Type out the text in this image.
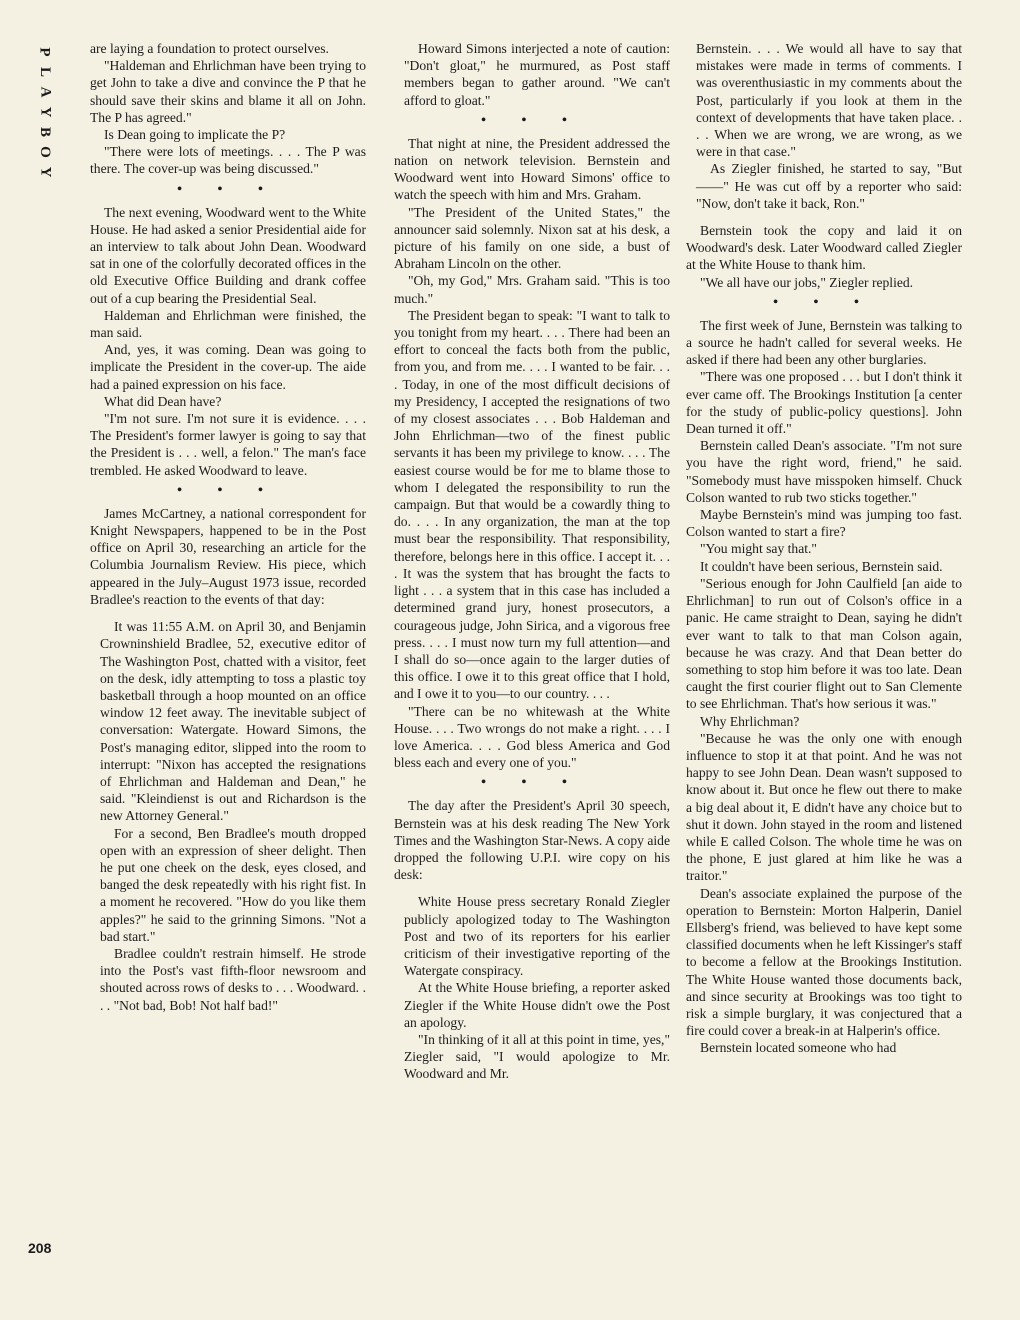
P
L
A
Y
B
O
Y
208

are laying a foundation to protect ourselves.

"Haldeman and Ehrlichman have been trying to get John to take a dive and convince the P that he should save their skins and blame it all on John. The P has agreed."

Is Dean going to implicate the P?

"There were lots of meetings. . . . The P was there. The cover-up was being discussed."

• • •

The next evening, Woodward went to the White House. He had asked a senior Presidential aide for an interview to talk about John Dean. Woodward sat in one of the colorfully decorated offices in the old Executive Office Building and drank coffee out of a cup bearing the Presidential Seal.

Haldeman and Ehrlichman were finished, the man said.

And, yes, it was coming. Dean was going to implicate the President in the cover-up. The aide had a pained expression on his face.

What did Dean have?

"I'm not sure. I'm not sure it is evidence. . . . The President's former lawyer is going to say that the President is . . . well, a felon." The man's face trembled. He asked Woodward to leave.

• • •

James McCartney, a national correspondent for Knight Newspapers, happened to be in the Post office on April 30, researching an article for the Columbia Journalism Review. His piece, which appeared in the July–August 1973 issue, recorded Bradlee's reaction to the events of that day:

It was 11:55 A.M. on April 30, and Benjamin Crowninshield Bradlee, 52, executive editor of The Washington Post, chatted with a visitor, feet on the desk, idly attempting to toss a plastic toy basketball through a hoop mounted on an office window 12 feet away. The inevitable subject of conversation: Watergate. Howard Simons, the Post's managing editor, slipped into the room to interrupt: "Nixon has accepted the resignations of Ehrlichman and Haldeman and Dean," he said. "Kleindienst is out and Richardson is the new Attorney General."

For a second, Ben Bradlee's mouth dropped open with an expression of sheer delight. Then he put one cheek on the desk, eyes closed, and banged the desk repeatedly with his right fist. In a moment he recovered. "How do you like them apples?" he said to the grinning Simons. "Not a bad start."

Bradlee couldn't restrain himself. He strode into the Post's vast fifth-floor newsroom and shouted across rows of desks to . . . Woodward. . . . "Not bad, Bob! Not half bad!"

Howard Simons interjected a note of caution: "Don't gloat," he murmured, as Post staff members began to gather around. "We can't afford to gloat."

• • •

That night at nine, the President addressed the nation on network television. Bernstein and Woodward went into Howard Simons' office to watch the speech with him and Mrs. Graham.

"The President of the United States," the announcer said solemnly. Nixon sat at his desk, a picture of his family on one side, a bust of Abraham Lincoln on the other.

"Oh, my God," Mrs. Graham said. "This is too much."

The President began to speak: "I want to talk to you tonight from my heart. . . . There had been an effort to conceal the facts both from the public, from you, and from me. . . . I wanted to be fair. . . . Today, in one of the most difficult decisions of my Presidency, I accepted the resignations of two of my closest associates . . . Bob Haldeman and John Ehrlichman—two of the finest public servants it has been my privilege to know. . . . The easiest course would be for me to blame those to whom I delegated the responsibility to run the campaign. But that would be a cowardly thing to do. . . . In any organization, the man at the top must bear the responsibility. That responsibility, therefore, belongs here in this office. I accept it. . . . It was the system that has brought the facts to light . . . a system that in this case has included a determined grand jury, honest prosecutors, a courageous judge, John Sirica, and a vigorous free press. . . . I must now turn my full attention—and I shall do so—once again to the larger duties of this office. I owe it to this great office that I hold, and I owe it to you—to our country. . . .

"There can be no whitewash at the White House. . . . Two wrongs do not make a right. . . . I love America. . . . God bless America and God bless each and every one of you."

• • •

The day after the President's April 30 speech, Bernstein was at his desk reading The New York Times and the Washington Star-News. A copy aide dropped the following U.P.I. wire copy on his desk:

White House press secretary Ronald Ziegler publicly apologized today to The Washington Post and two of its reporters for his earlier criticism of their investigative reporting of the Watergate conspiracy.

At the White House briefing, a reporter asked Ziegler if the White House didn't owe the Post an apology.

"In thinking of it all at this point in time, yes," Ziegler said, "I would apologize to Mr. Woodward and Mr.

Bernstein. . . . We would all have to say that mistakes were made in terms of comments. I was overenthusiastic in my comments about the Post, particularly if you look at them in the context of developments that have taken place. . . . When we are wrong, we are wrong, as we were in that case."

As Ziegler finished, he started to say, "But——" He was cut off by a reporter who said: "Now, don't take it back, Ron."

Bernstein took the copy and laid it on Woodward's desk. Later Woodward called Ziegler at the White House to thank him.

"We all have our jobs," Ziegler replied.

• • •

The first week of June, Bernstein was talking to a source he hadn't called for several weeks. He asked if there had been any other burglaries.

"There was one proposed . . . but I don't think it ever came off. The Brookings Institution [a center for the study of public-policy questions]. John Dean turned it off."

Bernstein called Dean's associate. "I'm not sure you have the right word, friend," he said. "Somebody must have misspoken himself. Chuck Colson wanted to rub two sticks together."

Maybe Bernstein's mind was jumping too fast. Colson wanted to start a fire?

"You might say that."

It couldn't have been serious, Bernstein said.

"Serious enough for John Caulfield [an aide to Ehrlichman] to run out of Colson's office in a panic. He came straight to Dean, saying he didn't ever want to talk to that man Colson again, because he was crazy. And that Dean better do something to stop him before it was too late. Dean caught the first courier flight out to San Clemente to see Ehrlichman. That's how serious it was."

Why Ehrlichman?

"Because he was the only one with enough influence to stop it at that point. And he was not happy to see John Dean. Dean wasn't supposed to know about it. But once he flew out there to make a big deal about it, E didn't have any choice but to shut it down. John stayed in the room and listened while E called Colson. The whole time he was on the phone, E just glared at him like he was a traitor."

Dean's associate explained the purpose of the operation to Bernstein: Morton Halperin, Daniel Ellsberg's friend, was believed to have kept some classified documents when he left Kissinger's staff to become a fellow at the Brookings Institution. The White House wanted those documents back, and since security at Brookings was too tight to risk a simple burglary, it was conjectured that a fire could cover a break-in at Halperin's office.

Bernstein located someone who had
